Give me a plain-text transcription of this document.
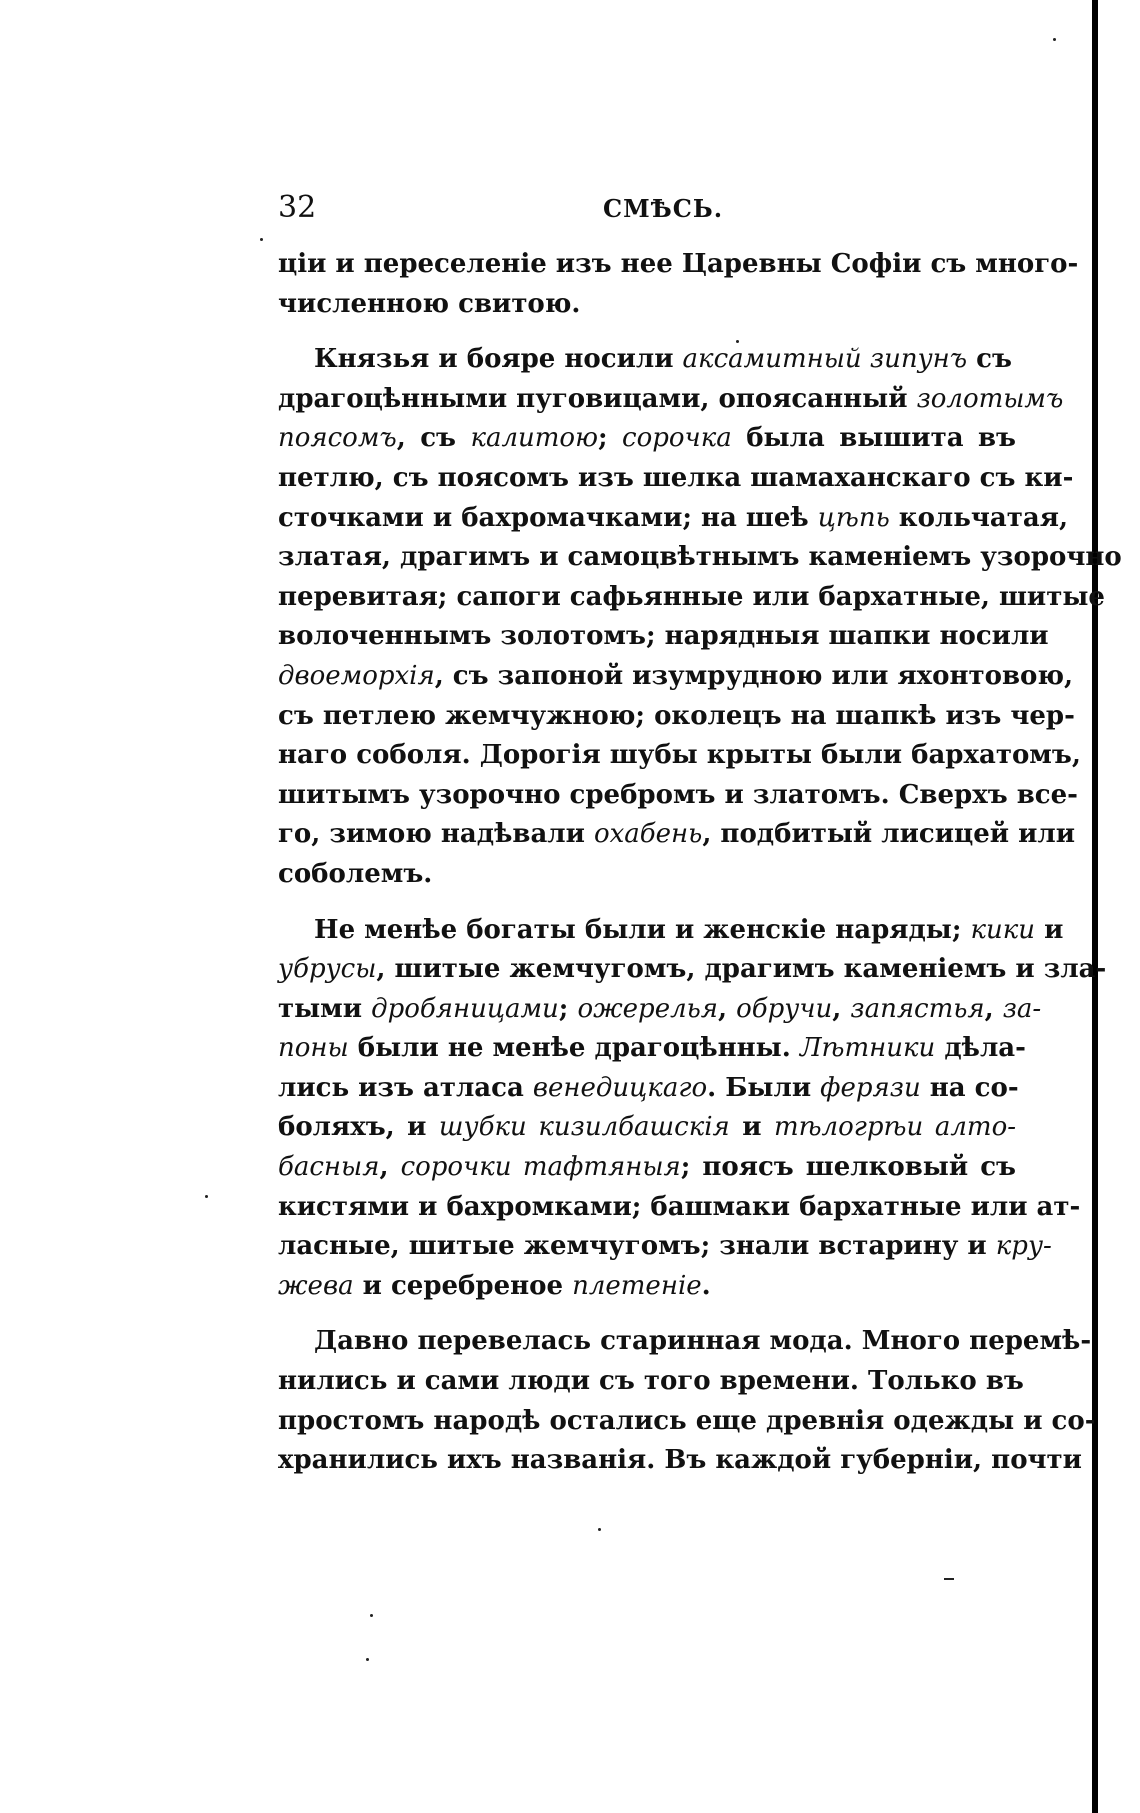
32	СМѢСЬ.
ціи и переселеніе изъ нее Царевны Софіи съ много-
численною свитою.
Князья и бояре носили аксамитный зипунъ съ
драгоцѣнными пуговицами, опоясанный золотымъ
поясомъ, съ калитою; сорочка была вышита въ
петлю, съ поясомъ изъ шелка шамаханскаго съ ки-
сточками и бахромачками; на шеѣ цѣпь кольчатая,
златая, драгимъ и самоцвѣтнымъ каменіемъ узорочно
перевитая; сапоги сафьянные или бархатные, шитые
волоченнымъ золотомъ; нарядныя шапки носили
двоеморхія, съ запоной изумрудною или яхонтовою,
съ петлею жемчужною; околецъ на шапкѣ изъ чер-
наго соболя. Дорогія шубы крыты были бархатомъ,
шитымъ узорочно сребромъ и златомъ. Сверхъ все-
го, зимою надѣвали охабень, подбитый лисицей или
соболемъ.
Не менѣе богаты были и женскіе наряды; кики и
убрусы, шитые жемчугомъ, драгимъ каменіемъ и зла-
тыми дробяницами; ожерелья, обручи, запястья, за-
поны были не менѣе драгоцѣнны. Лѣтники дѣла-
лись изъ атласа венедицкаго. Были ферязи на со-
боляхъ, и шубки кизилбашскія и тѣлогрѣи алто-
басныя, сорочки тафтяныя; поясъ шелковый съ
кистями и бахромками; башмаки бархатные или ат-
ласные, шитые жемчугомъ; знали встарину и кру-
жева и серебреное плетеніе.
Давно перевелась старинная мода. Много перемѣ-
нились и сами люди съ того времени. Только въ
простомъ народѣ остались еще древнія одежды и со-
хранились ихъ названія. Въ каждой губерніи, почти
